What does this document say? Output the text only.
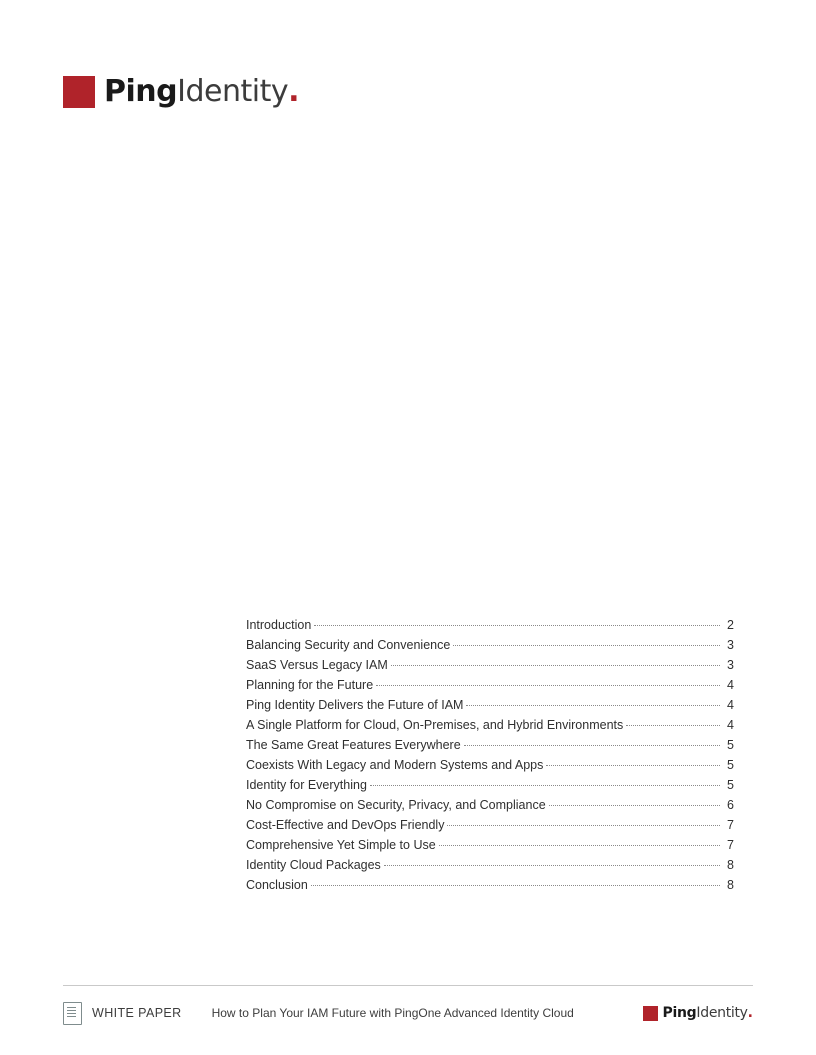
Ping Identity .
Introduction	2
Balancing Security and Convenience	3
SaaS Versus Legacy IAM	3
Planning for the Future	4
Ping Identity Delivers the Future of IAM	4
A Single Platform for Cloud, On-Premises, and Hybrid Environments	4
The Same Great Features Everywhere	5
Coexists With Legacy and Modern Systems and Apps	5
Identity for Everything	5
No Compromise on Security, Privacy, and Compliance	6
Cost-Effective and DevOps Friendly	7
Comprehensive Yet Simple to Use	7
Identity Cloud Packages	8
Conclusion	8
WHITE PAPER	How to Plan Your IAM Future with PingOne Advanced Identity Cloud	Ping Identity .
